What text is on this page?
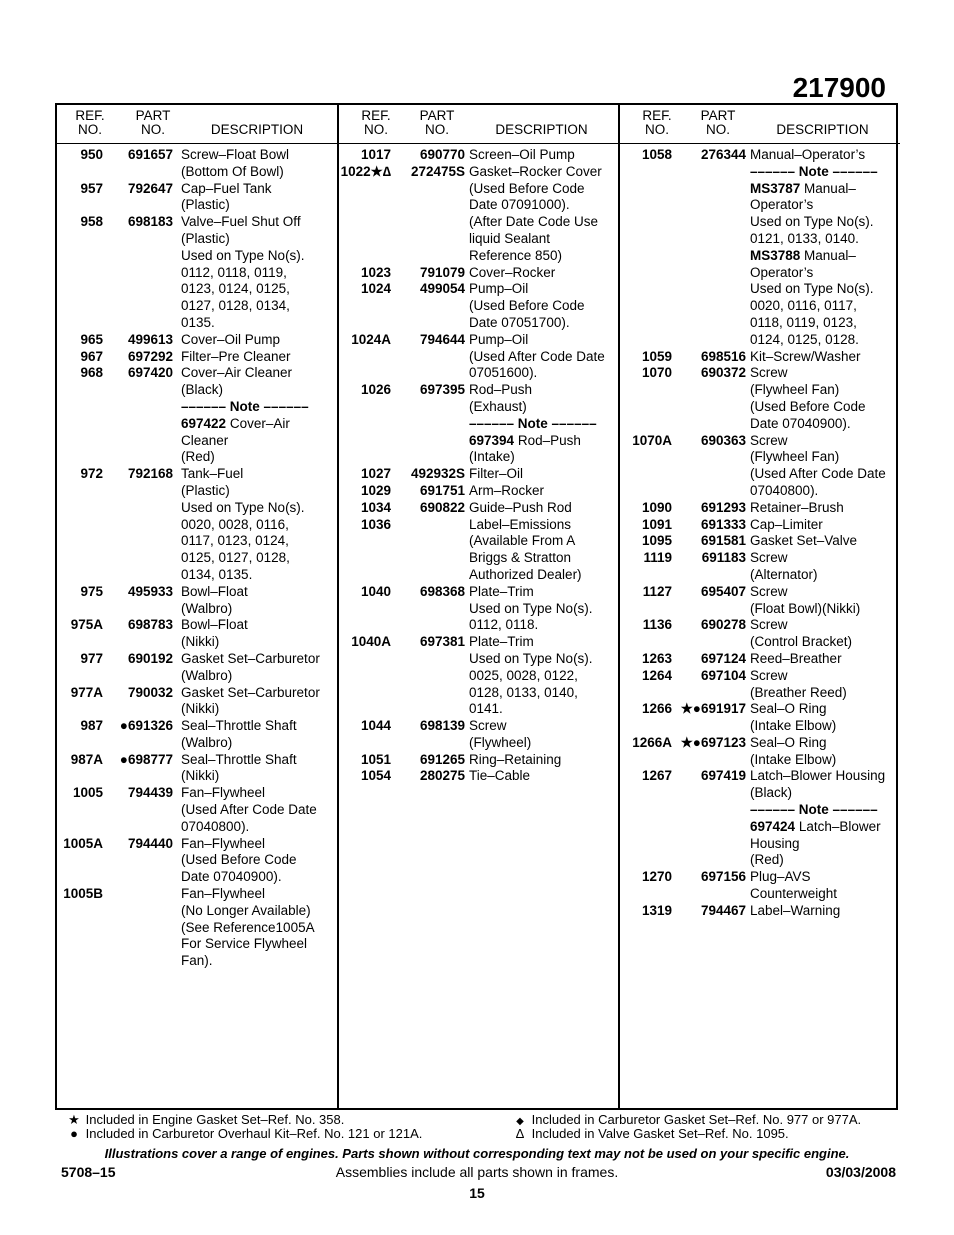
217900
REF.
NO.
PART
NO.	DESCRIPTION
950	691657 Screw–Float Bowl
(Bottom Of Bowl)
957	792647 Cap–Fuel Tank
(Plastic)
958	698183 Valve–Fuel Shut Off
(Plastic)
Used on Type No(s).
0112, 0118, 0119,
0123, 0124, 0125,
0127, 0128, 0134,
0135.
965	499613 Cover–Oil Pump
967	697292 Filter–Pre Cleaner
968	697420 Cover–Air Cleaner
(Black)
–––––– Note ––––––
697422 Cover–Air
Cleaner
(Red)
972	792168 Tank–Fuel
(Plastic)
Used on Type No(s).
0020, 0028, 0116,
0117, 0123, 0124,
0125, 0127, 0128,
0134, 0135.
975	495933 Bowl–Float
(Walbro)
975A	698783 Bowl–Float
(Nikki)
977	690192 Gasket Set–Carburetor
(Walbro)
977A	790032 Gasket Set–Carburetor
(Nikki)
987	●691326 Seal–Throttle Shaft
(Walbro)
987A	●698777 Seal–Throttle Shaft
(Nikki)
1005	794439 Fan–Flywheel
(Used After Code Date
07040800).
1005A	794440 Fan–Flywheel
(Used Before Code
Date 07040900).
1005B	Fan–Flywheel
(No Longer Available)
(See Reference1005A
For Service Flywheel
Fan).
REF.
NO.
PART
NO.	DESCRIPTION
1017	690770 Screen–Oil Pump
1022★∆	272475S Gasket–Rocker Cover
(Used Before Code
Date 07091000).
(After Date Code Use
liquid Sealant
Reference 850)
1023	791079 Cover–Rocker
1024	499054 Pump–Oil
(Used Before Code
Date 07051700).
1024A	794644 Pump–Oil
(Used After Code Date
07051600).
1026	697395 Rod–Push
(Exhaust)
–––––– Note ––––––
697394 Rod–Push
(Intake)
1027	492932S Filter–Oil
1029	691751 Arm–Rocker
1034	690822 Guide–Push Rod
1036	Label–Emissions
(Available From A
Briggs & Stratton
Authorized Dealer)
1040	698368 Plate–Trim
Used on Type No(s).
0112, 0118.
1040A	697381 Plate–Trim
Used on Type No(s).
0025, 0028, 0122,
0128, 0133, 0140,
0141.
1044	698139 Screw
(Flywheel)
1051	691265 Ring–Retaining
1054	280275 Tie–Cable
REF.
NO.
PART
NO.	DESCRIPTION
1058	276344 Manual–Operator’s
–––––– Note ––––––
MS3787 Manual–
Operator’s
Used on Type No(s).
0121, 0133, 0140.
MS3788 Manual–
Operator’s
Used on Type No(s).
0020, 0116, 0117,
0118, 0119, 0123,
0124, 0125, 0128.
1059	698516 Kit–Screw/Washer
1070	690372 Screw
(Flywheel Fan)
(Used Before Code
Date 07040900).
1070A	690363 Screw
(Flywheel Fan)
(Used After Code Date
07040800).
1090	691293 Retainer–Brush
1091	691333 Cap–Limiter
1095	691581 Gasket Set–Valve
1119	691183 Screw
(Alternator)
1127	695407 Screw
(Float Bowl)(Nikki)
1136	690278 Screw
(Control Bracket)
1263	697124 Reed–Breather
1264	697104 Screw
(Breather Reed)
1266 ★●691917 Seal–O Ring
(Intake Elbow)
1266A ★●697123 Seal–O Ring
(Intake Elbow)
1267	697419 Latch–Blower Housing
(Black)
–––––– Note ––––––
697424 Latch–Blower
Housing
(Red)
1270	697156 Plug–AVS
Counterweight
1319	794467 Label–Warning
★ Included in Engine Gasket Set–Ref. No. 358.
● Included in Carburetor Overhaul Kit–Ref. No. 121 or 121A.
◆ Included in Carburetor Gasket Set–Ref. No. 977 or 977A.
∆ Included in Valve Gasket Set–Ref. No. 1095.
Illustrations cover a range of engines. Parts shown without corresponding text may not be used on your specific engine.
5708–15	Assemblies include all parts shown in frames.	03/03/2008
15
